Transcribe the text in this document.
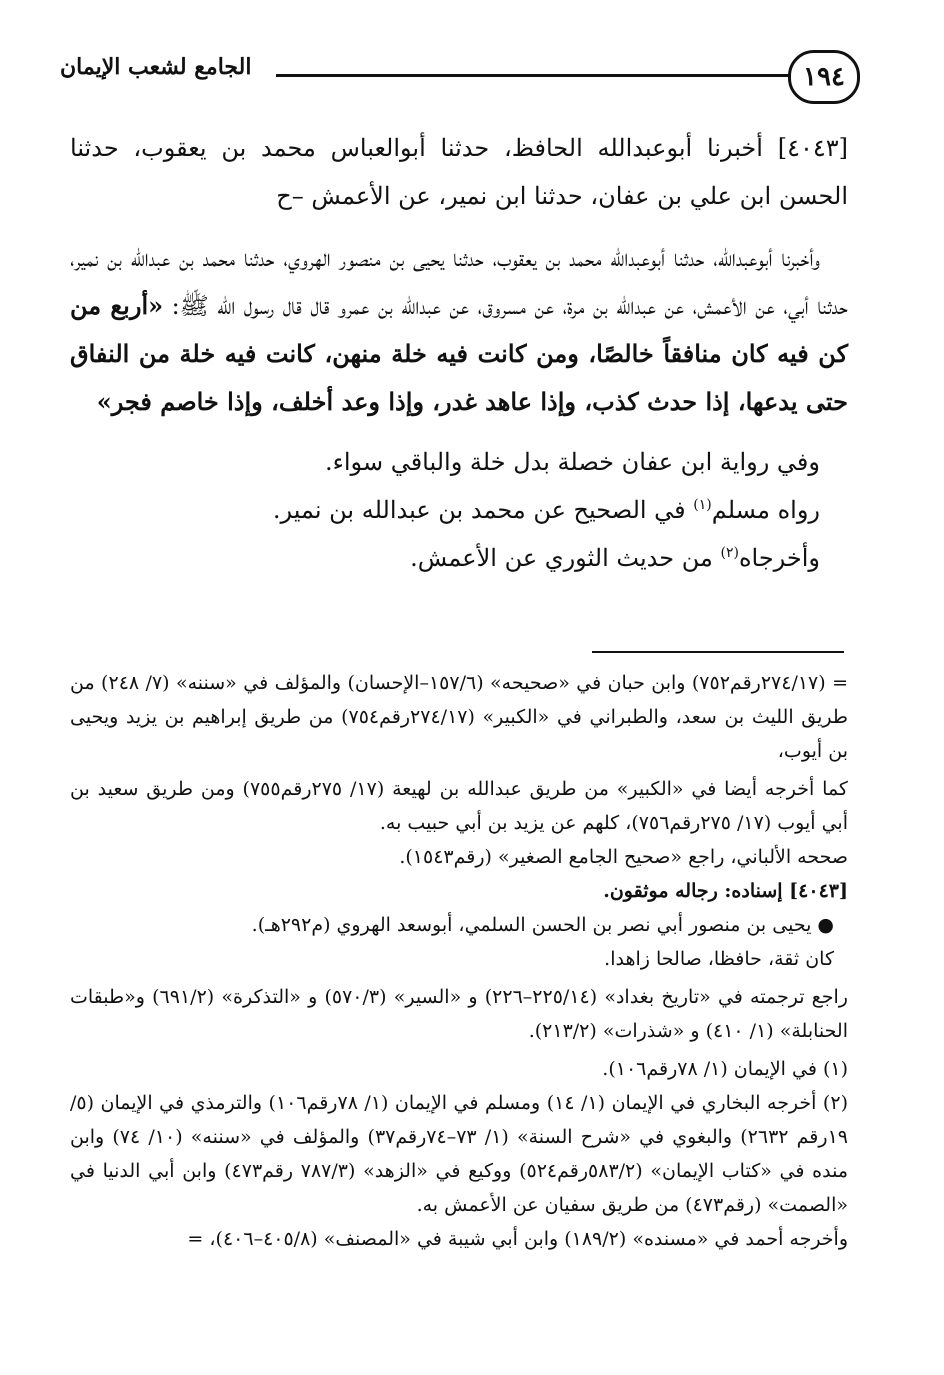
١٩٤
الجامع لشعب الإيمان

[٤٠٤٣] أخبرنا أبوعبدالله الحافظ، حدثنا أبوالعباس محمد بن يعقوب، حدثنا الحسن ابن علي بن عفان، حدثنا ابن نمير، عن الأعمش –ح

وأخبرنا أبوعبدالله، حدثنا أبوعبدالله محمد بن يعقوب، حدثنا يحيى بن منصور الهروي، حدثنا محمد بن عبدالله بن نمير، حدثنا أبي، عن الأعمش، عن عبدالله بن مرة، عن مسروق، عن عبدالله بن عمرو قال قال رسول الله ﷺ: «أربع من كن فيه كان منافقاً خالصًا، ومن كانت فيه خلة منهن، كانت فيه خلة من النفاق حتى يدعها، إذا حدث كذب، وإذا عاهد غدر، وإذا وعد أخلف، وإذا خاصم فجر»

وفي رواية ابن عفان خصلة بدل خلة والباقي سواء.

رواه مسلم$^{(١)}$ في الصحيح عن محمد بن عبدالله بن نمير.

وأخرجاه$^{(٢)}$ من حديث الثوري عن الأعمش.

= (٢٧٤/١٧رقم٧٥٢) وابن حبان في «صحيحه» (١٥٧/٦–الإحسان) والمؤلف في «سننه» (٧/ ٢٤٨) من طريق الليث بن سعد، والطبراني في «الكبير» (٢٧٤/١٧رقم٧٥٤) من طريق إبراهيم بن يزيد ويحيى بن أيوب،

كما أخرجه أيضا في «الكبير» من طريق عبدالله بن لهيعة (١٧/ ٢٧٥رقم٧٥٥) ومن طريق سعيد بن أبي أيوب (١٧/ ٢٧٥رقم٧٥٦)، كلهم عن يزيد بن أبي حبيب به.

صححه الألباني، راجع «صحيح الجامع الصغير» (رقم١٥٤٣).

[٤٠٤٣] إسناده: رجاله موثقون.

● يحيى بن منصور أبي نصر بن الحسن السلمي، أبوسعد الهروي (م٢٩٢هـ).

كان ثقة، حافظا، صالحا زاهدا.

راجع ترجمته في «تاريخ بغداد» (٢٢٥/١٤–٢٢٦) و «السير» (٥٧٠/٣) و «التذكرة» (٦٩١/٢) و«طبقات الحنابلة» (١/ ٤١٠) و «شذرات» (٢١٣/٢).

(١) في الإيمان (١/ ٧٨رقم١٠٦).

(٢) أخرجه البخاري في الإيمان (١/ ١٤) ومسلم في الإيمان (١/ ٧٨رقم١٠٦) والترمذي في الإيمان (٥/ ١٩رقم ٢٦٣٢) والبغوي في «شرح السنة» (١/ ٧٣–٧٤رقم٣٧) والمؤلف في «سننه» (١٠/ ٧٤) وابن منده في «كتاب الإيمان» (٥٨٣/٢رقم٥٢٤) ووكيع في «الزهد» (٧٨٧/٣ رقم٤٧٣) وابن أبي الدنيا في «الصمت» (رقم٤٧٣) من طريق سفيان عن الأعمش به.

وأخرجه أحمد في «مسنده» (١٨٩/٢) وابن أبي شيبة في «المصنف» (٤٠٥/٨–٤٠٦)، =
